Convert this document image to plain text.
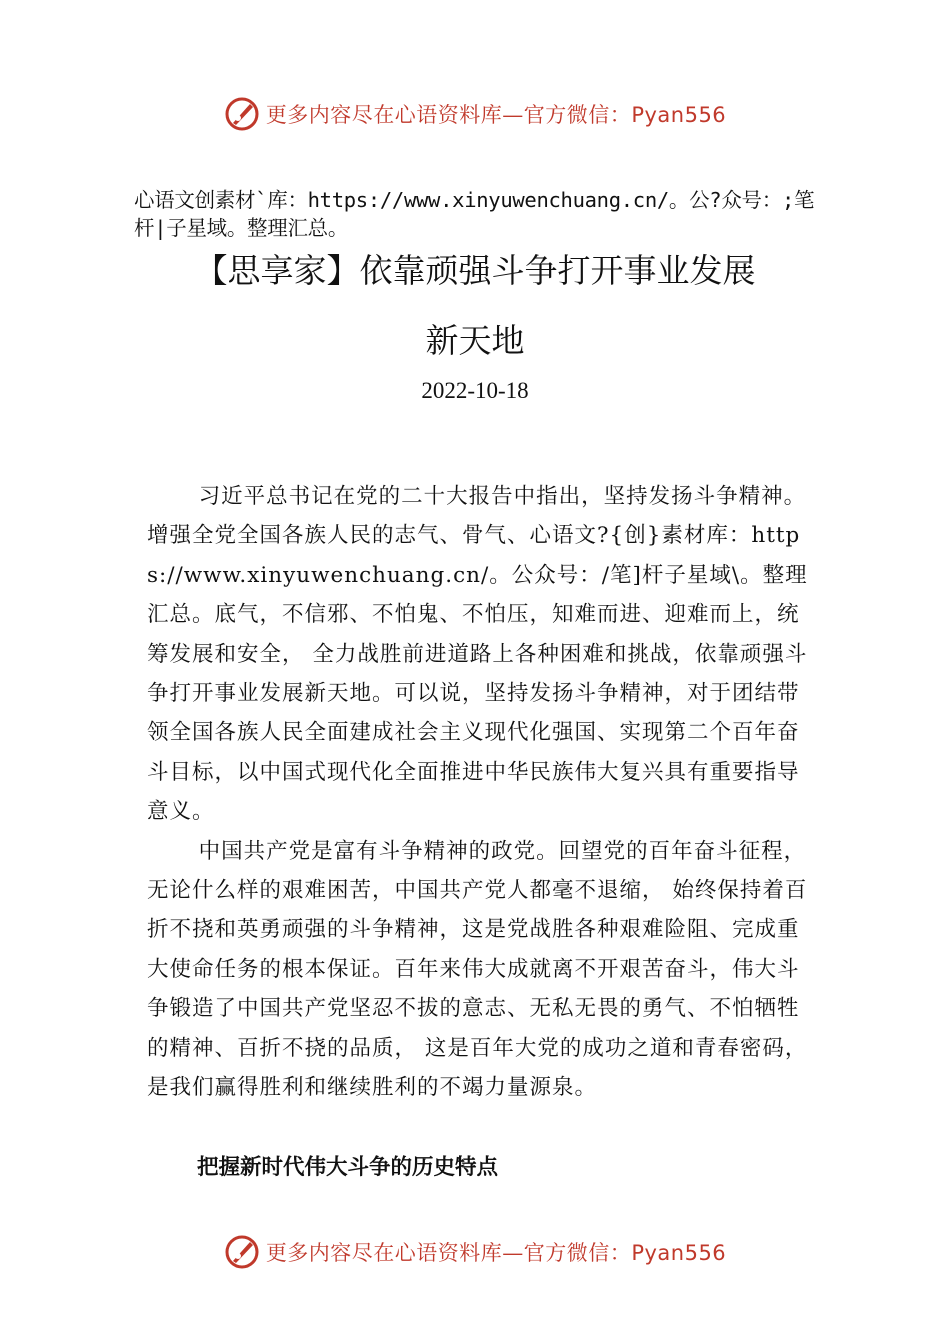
更多内容尽在心语资料库—官方微信：Pyan556
心语文创素材`库：https://www.xinyuwenchuang.cn/。公?众号：;笔杆|子星域。整理汇总。
【思享家】依靠顽强斗争打开事业发展
新天地
2022-10-18

习近平总书记在党的二十大报告中指出，坚持发扬斗争精神。增强全党全国各族人民的志气、骨气、心语文?{创}素材库：https://www.xinyuwenchuang.cn/。公众号：/笔]杆子星域\。整理汇总。底气，不信邪、不怕鬼、不怕压，知难而进、迎难而上，统筹发展和安全， 全力战胜前进道路上各种困难和挑战，依靠顽强斗争打开事业发展新天地。可以说，坚持发扬斗争精神，对于团结带领全国各族人民全面建成社会主义现代化强国、实现第二个百年奋斗目标，以中国式现代化全面推进中华民族伟大复兴具有重要指导意义。

中国共产党是富有斗争精神的政党。回望党的百年奋斗征程，无论什么样的艰难困苦，中国共产党人都毫不退缩， 始终保持着百折不挠和英勇顽强的斗争精神，这是党战胜各种艰难险阻、完成重大使命任务的根本保证。百年来伟大成就离不开艰苦奋斗，伟大斗争锻造了中国共产党坚忍不拔的意志、无私无畏的勇气、不怕牺牲的精神、百折不挠的品质， 这是百年大党的成功之道和青春密码，是我们赢得胜利和继续胜利的不竭力量源泉。

把握新时代伟大斗争的历史特点
更多内容尽在心语资料库—官方微信：Pyan556
